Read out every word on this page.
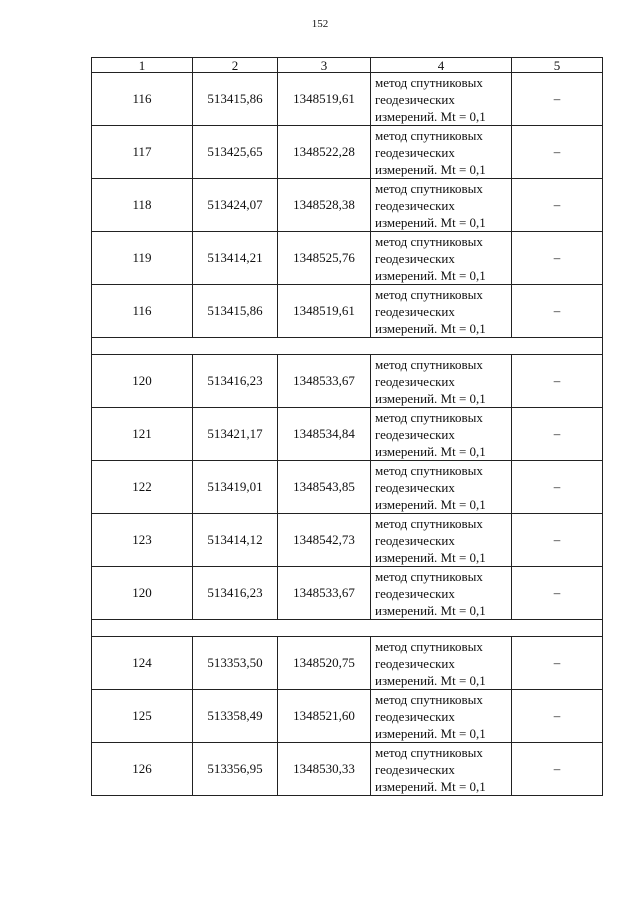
152
1	2	3	4	5
116	513415,86	1348519,61	метод спутниковых
геодезических
измерений. Mt = 0,1	–
117	513425,65	1348522,28	метод спутниковых
геодезических
измерений. Mt = 0,1	–
118	513424,07	1348528,38	метод спутниковых
геодезических
измерений. Mt = 0,1	–
119	513414,21	1348525,76	метод спутниковых
геодезических
измерений. Mt = 0,1	–
116	513415,86	1348519,61	метод спутниковых
геодезических
измерений. Mt = 0,1	–

120	513416,23	1348533,67	метод спутниковых
геодезических
измерений. Mt = 0,1	–
121	513421,17	1348534,84	метод спутниковых
геодезических
измерений. Mt = 0,1	–
122	513419,01	1348543,85	метод спутниковых
геодезических
измерений. Mt = 0,1	–
123	513414,12	1348542,73	метод спутниковых
геодезических
измерений. Mt = 0,1	–
120	513416,23	1348533,67	метод спутниковых
геодезических
измерений. Mt = 0,1	–

124	513353,50	1348520,75	метод спутниковых
геодезических
измерений. Mt = 0,1	–
125	513358,49	1348521,60	метод спутниковых
геодезических
измерений. Mt = 0,1	–
126	513356,95	1348530,33	метод спутниковых
геодезических
измерений. Mt = 0,1	–
